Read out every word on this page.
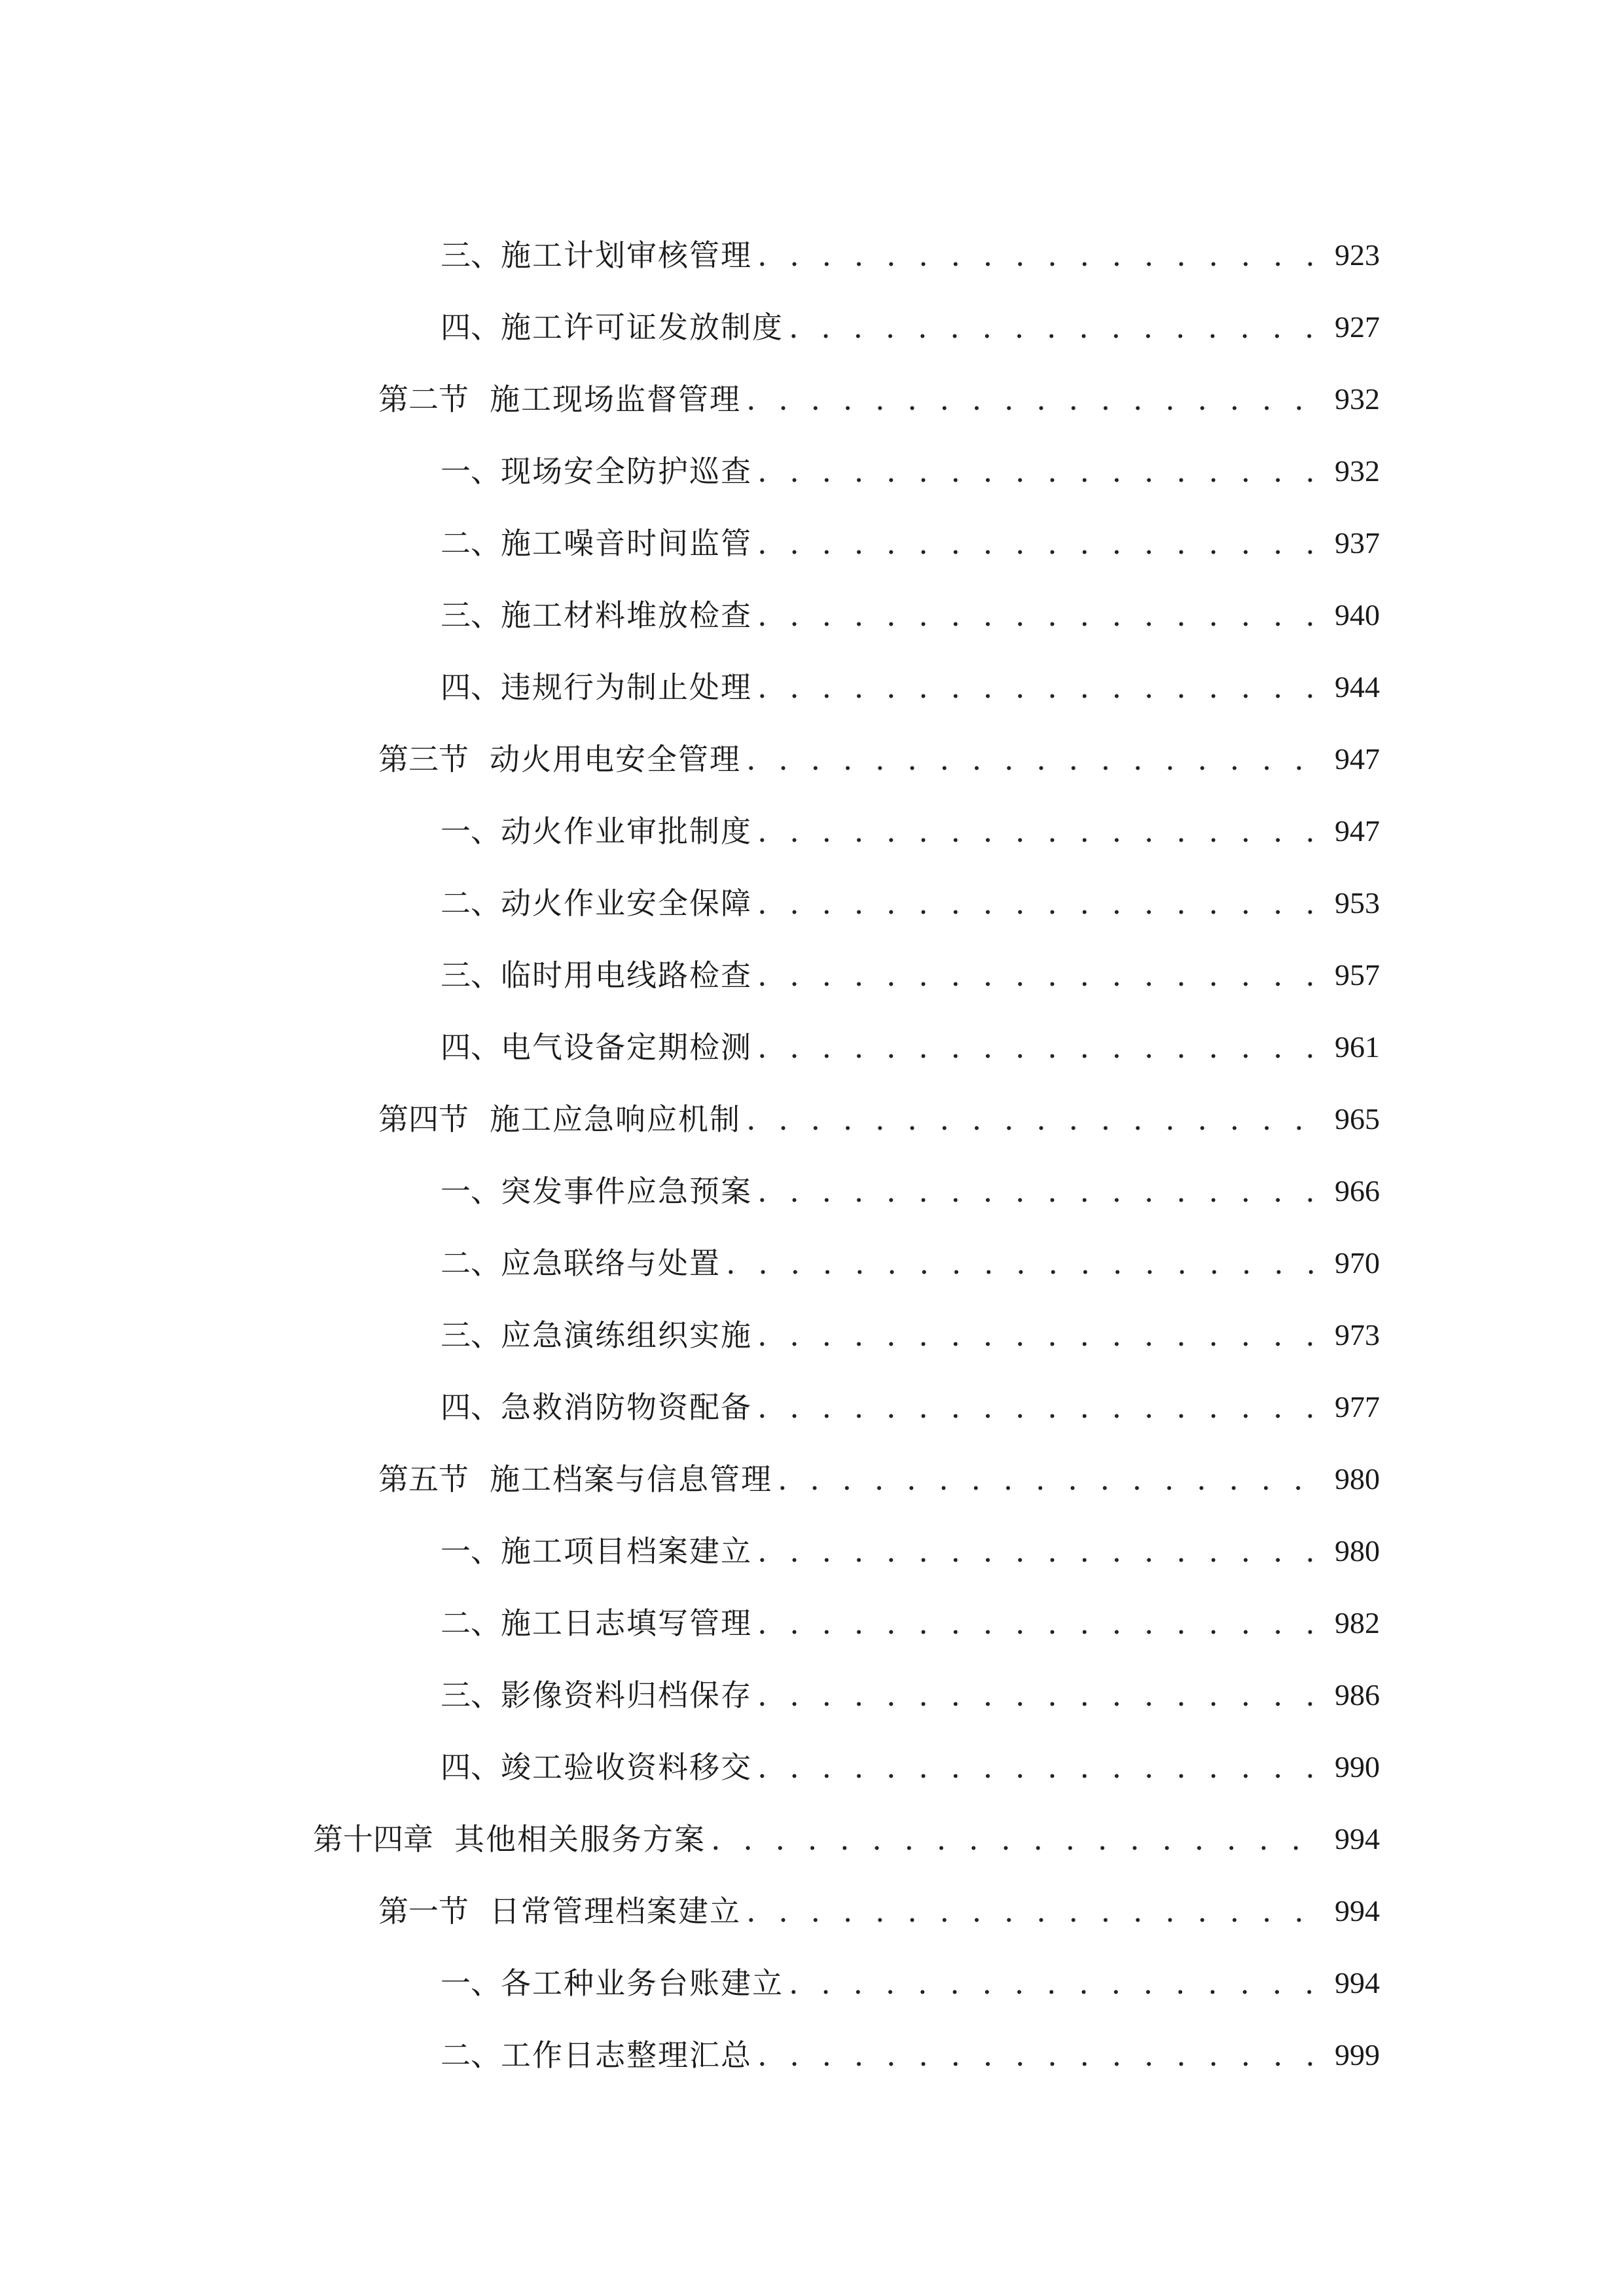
三、 施工计划审核管理 . . .	923
四、 施工许可证发放制度 . . .	927
第二节 施工现场监督管理 . . .	932
一、 现场安全防护巡查 . . .	932
二、 施工噪音时间监管 . . .	937
三、 施工材料堆放检查 . . .	940
四、 违规行为制止处理 . . .	944
第三节 动火用电安全管理 . . .	947
一、 动火作业审批制度 . . .	947
二、 动火作业安全保障 . . .	953
三、 临时用电线路检查 . . .	957
四、 电气设备定期检测 . . .	961
第四节 施工应急响应机制 . . .	965
一、 突发事件应急预案 . . .	966
二、 应急联络与处置 . . .	970
三、 应急演练组织实施 . . .	973
四、 急救消防物资配备 . . .	977
第五节 施工档案与信息管理 . . .	980
一、 施工项目档案建立 . . .	980
二、 施工日志填写管理 . . .	982
三、 影像资料归档保存 . . .	986
四、 竣工验收资料移交 . . .	990
第十四章 其他相关服务方案 . . .	994
第一节 日常管理档案建立 . . .	994
一、 各工种业务台账建立 . . .	994
二、 工作日志整理汇总 . . .	999
